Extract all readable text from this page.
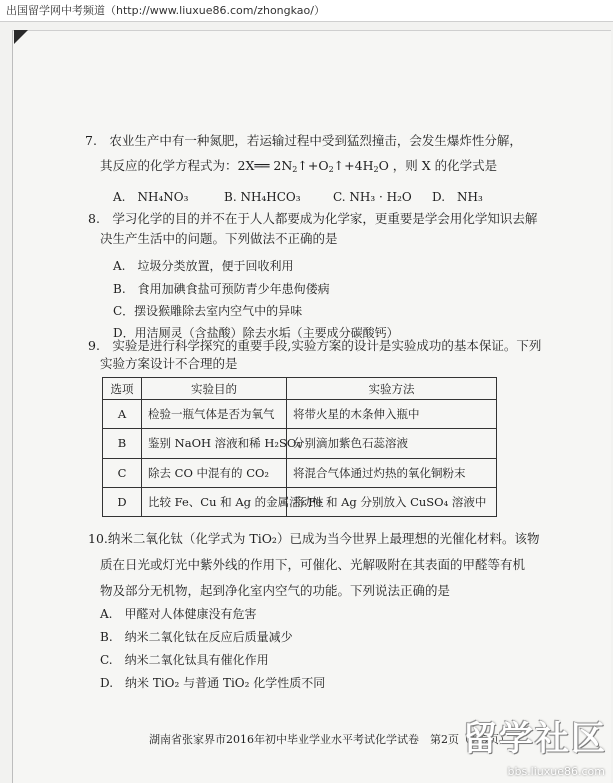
出国留学网中考频道（http://www.liuxue86.com/zhongkao/）
7.　农业生产中有一种氮肥，若运输过程中受到猛烈撞击，会发生爆炸性分解，
其反应的化学方程式为：2X══ $2N_2↑+O_2↑+4H_2O$ ，则 X 的化学式是
A.　NH₄NO₃	B. NH₄HCO₃	C. NH₃ · H₂O D.　NH₃
8.　学习化学的目的并不在于人人都要成为化学家，更重要是学会用化学知识去解
决生产生活中的问题。下列做法不正确的是
A.　垃圾分类放置，便于回收利用
B.　食用加碘食盐可预防青少年患佝偻病
C．摆设猴雕除去室内空气中的异味
D．用洁厕灵（含盐酸）除去水垢（主要成分碳酸钙）
9.　实验是进行科学探究的重要手段,实验方案的设计是实验成功的基本保证。下列
实验方案设计不合理的是
选项	实验目的	实验方法
A	检验一瓶气体是否为氧气	将带火星的木条伸入瓶中
B	鉴别 NaOH 溶液和稀 H₂SO₄	分别滴加紫色石蕊溶液
C	除去 CO 中混有的 CO₂	将混合气体通过灼热的氧化铜粉末
D	比较 Fe、Cu 和 Ag 的金属活动性	将 Fe 和 Ag 分别放入 CuSO₄ 溶液中
10.纳米二氧化钛（化学式为 TiO₂）已成为当今世界上最理想的光催化材料。该物
质在日光或灯光中紫外线的作用下，可催化、光解吸附在其表面的甲醛等有机
物及部分无机物，起到净化室内空气的功能。下列说法正确的是
A.　甲醛对人体健康没有危害
B.　纳米二氧化钛在反应后质量减少
C.　纳米二氧化钛具有催化作用
D.　纳米 TiO₂ 与普通 TiO₂ 化学性质不同
湖南省张家界市2016年初中毕业学业水平考试化学试卷　第2页（共5页）
留学社区
bbs.liuxue86.com
